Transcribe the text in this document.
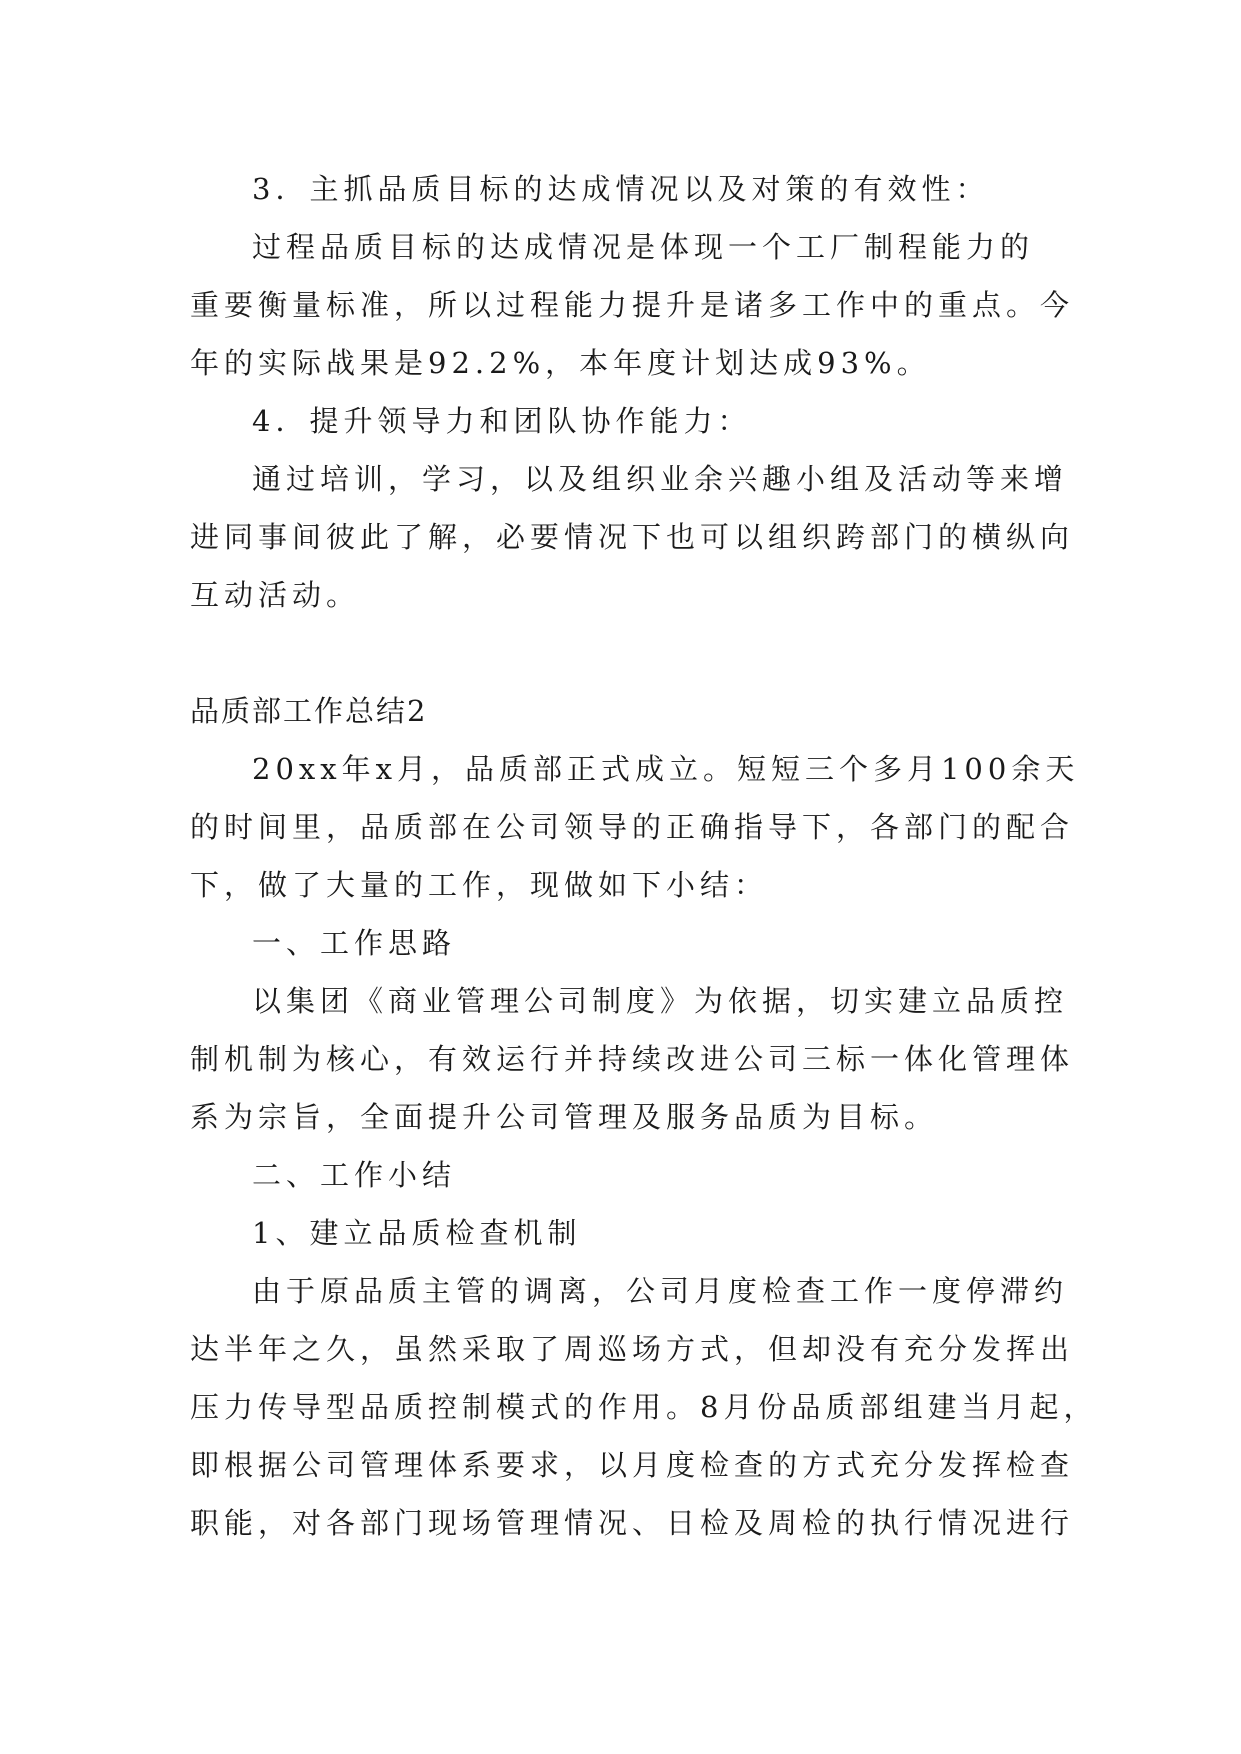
3．主抓品质目标的达成情况以及对策的有效性：

过程品质目标的达成情况是体现一个工厂制程能力的

重要衡量标准，所以过程能力提升是诸多工作中的重点。今

年的实际战果是92.2%，本年度计划达成93%。

4．提升领导力和团队协作能力：

通过培训，学习，以及组织业余兴趣小组及活动等来增

进同事间彼此了解，必要情况下也可以组织跨部门的横纵向

互动活动。

品质部工作总结2

20xx年x月，品质部正式成立。短短三个多月100余天

的时间里，品质部在公司领导的正确指导下，各部门的配合

下，做了大量的工作，现做如下小结：

一、工作思路

以集团《商业管理公司制度》为依据，切实建立品质控

制机制为核心，有效运行并持续改进公司三标一体化管理体

系为宗旨，全面提升公司管理及服务品质为目标。

二、工作小结

1、建立品质检查机制

由于原品质主管的调离，公司月度检查工作一度停滞约

达半年之久，虽然采取了周巡场方式，但却没有充分发挥出

压力传导型品质控制模式的作用。8月份品质部组建当月起，

即根据公司管理体系要求，以月度检查的方式充分发挥检查

职能，对各部门现场管理情况、日检及周检的执行情况进行
